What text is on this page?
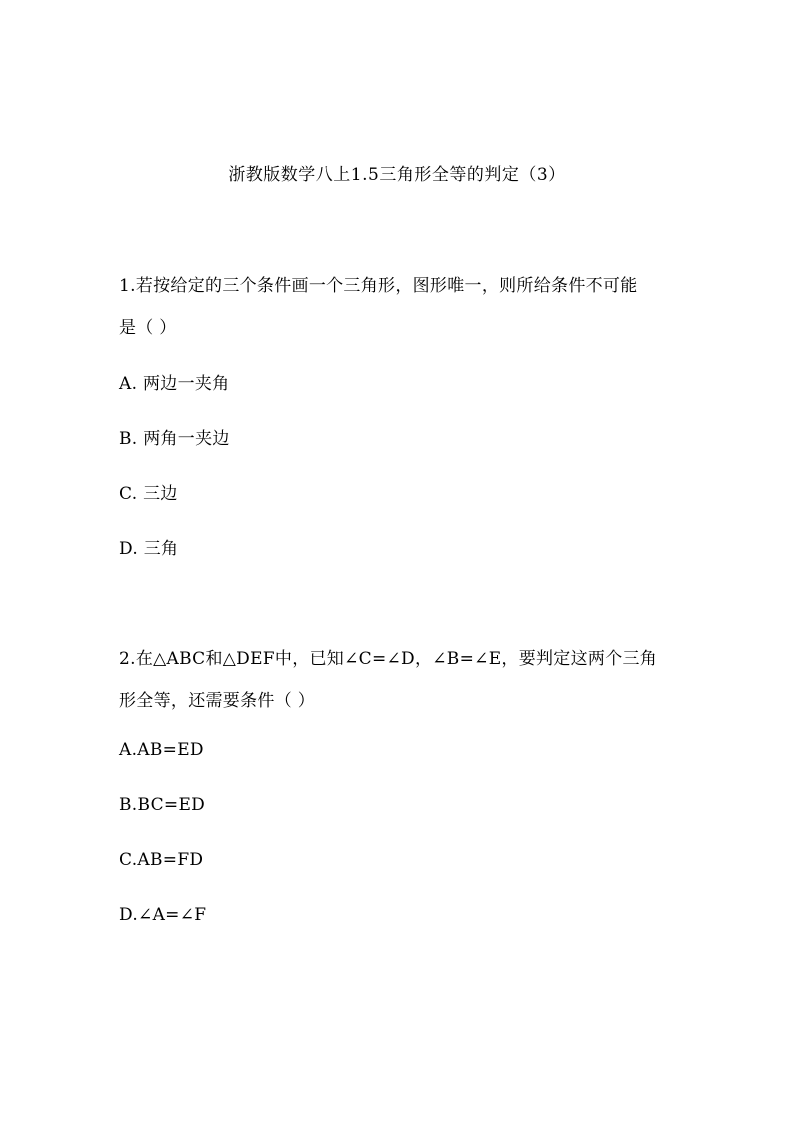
浙教版数学八上1.5三角形全等的判定（3）
1.若按给定的三个条件画一个三角形，图形唯一，则所给条件不可能
是（ ）
A. 两边一夹角
B. 两角一夹边
C. 三边
D. 三角
2.在△ABC和△DEF中，已知∠C=∠D，∠B=∠E，要判定这两个三角
形全等，还需要条件（ ）
A.AB=ED
B.BC=ED
C.AB=FD
D.∠A=∠F
